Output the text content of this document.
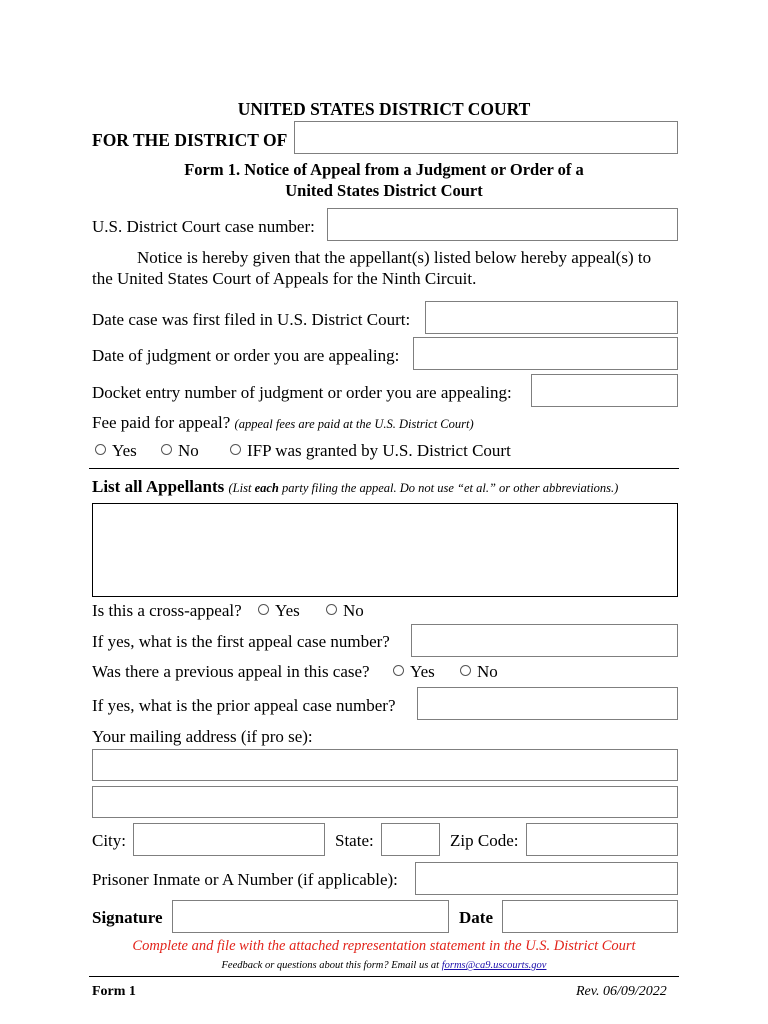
UNITED STATES DISTRICT COURT
FOR THE DISTRICT OF
Form 1. Notice of Appeal from a Judgment or Order of a
United States District Court
U.S. District Court case number:
Notice is hereby given that the appellant(s) listed below hereby appeal(s) to
the United States Court of Appeals for the Ninth Circuit.
Date case was first filed in U.S. District Court:
Date of judgment or order you are appealing:
Docket entry number of judgment or order you are appealing:
Fee paid for appeal? (appeal fees are paid at the U.S. District Court)
Yes	No	IFP was granted by U.S. District Court
List all Appellants (List each party filing the appeal. Do not use “et al.” or other abbreviations.)
Is this a cross-appeal?	Yes	No
If yes, what is the first appeal case number?
Was there a previous appeal in this case?	Yes	No
If yes, what is the prior appeal case number?
Your mailing address (if pro se):
City:	State:	Zip Code:
Prisoner Inmate or A Number (if applicable):
Signature	Date
Complete and file with the attached representation statement in the U.S. District Court
Feedback or questions about this form? Email us at forms@ca9.uscourts.gov
Form 1	Rev. 06/09/2022
